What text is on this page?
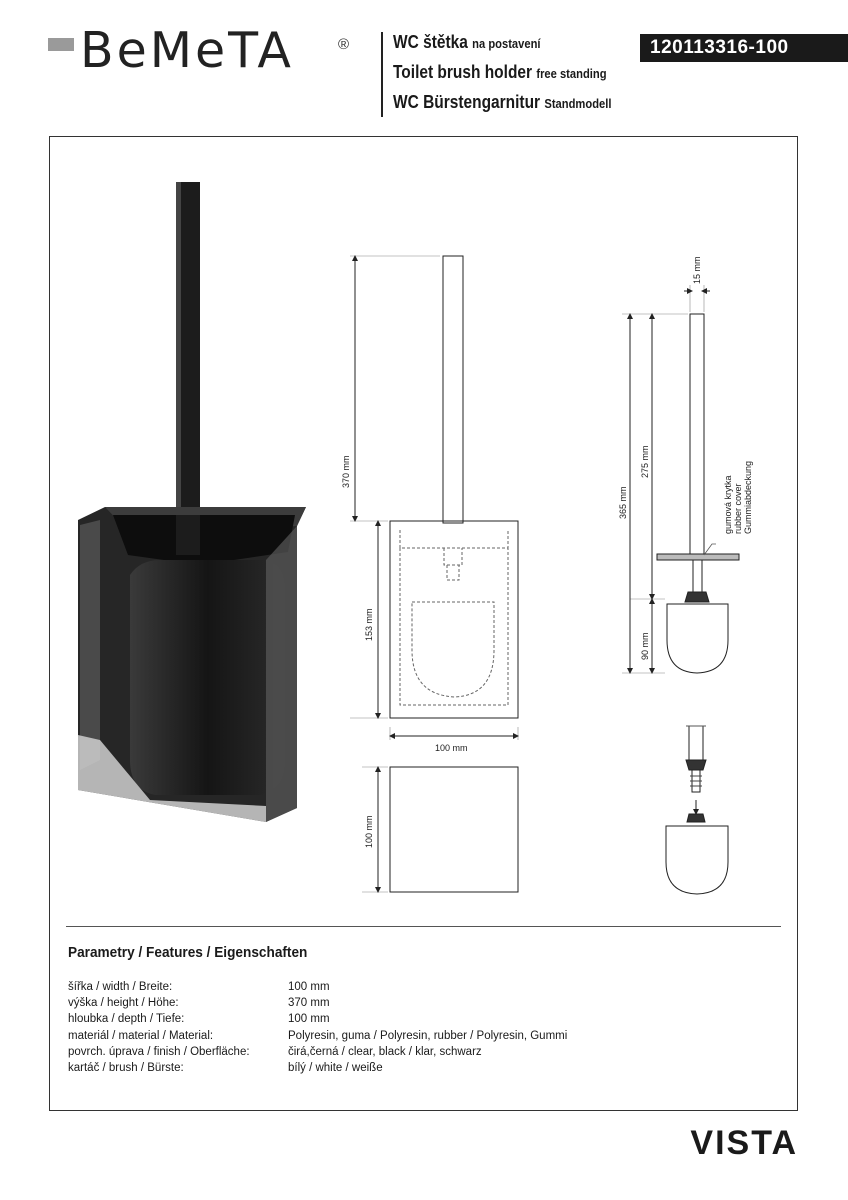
BeMeTA	® WC štětka na postavení
Toilet brush holder free standing
WC Bürstengarnitur Standmodell
120113316-100
370 mm
153 mm
100 mm
100 mm
15 mm
365 mm
275 mm
90 mm
gumová krytka rubber cover Gummiabdeckung
Parametry / Features / Eigenschaften
šířka / width / Breite:	100 mm
výška / height / Höhe:	370 mm
hloubka / depth / Tiefe:	100 mm
materiál / material / Material:	Polyresin, guma / Polyresin, rubber / Polyresin, Gummi
povrch. úprava / finish / Oberfläche:	čirá,černá / clear, black / klar, schwarz
kartáč / brush / Bürste:	bílý / white / weiße
VISTA
